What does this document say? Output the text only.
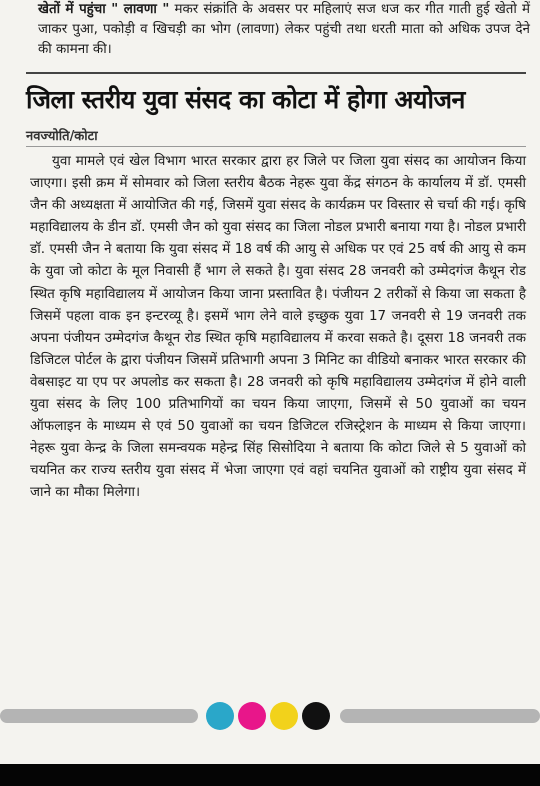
खेतों में पहुंचा " लावणा " मकर संक्रांति के अवसर पर महिलाएं सज धज कर गीत गाती हुई खेतो में जाकर पुआ, पकोड़ी व खिचड़ी का भोग (लावणा) लेकर पहुंची तथा धरती माता को अधिक उपज देने की कामना की।
जिला स्तरीय युवा संसद का कोटा में होगा अयोजन
नवज्योति/कोटा
युवा मामले एवं खेल विभाग भारत सरकार द्वारा हर जिले पर जिला युवा संसद का आयोजन किया जाएगा। इसी क्रम में सोमवार को जिला स्तरीय बैठक नेहरू युवा केंद्र संगठन के कार्यालय में डॉ. एमसी जैन की अध्यक्षता में आयोजित की गई, जिसमें युवा संसद के कार्यक्रम पर विस्तार से चर्चा की गई। कृषि महाविद्यालय के डीन डॉ. एमसी जैन को युवा संसद का जिला नोडल प्रभारी बनाया गया है। नोडल प्रभारी डॉ. एमसी जैन ने बताया कि युवा संसद में 18 वर्ष की आयु से अधिक पर एवं 25 वर्ष की आयु से कम के युवा जो कोटा के मूल निवासी हैं भाग ले सकते है। युवा संसद 28 जनवरी को उम्मेदगंज कैथून रोड स्थित कृषि महाविद्यालय में आयोजन किया जाना प्रस्तावित है। पंजीयन 2 तरीकों से किया जा सकता है जिसमें पहला वाक इन इन्टरव्यू है। इसमें भाग लेने वाले इच्छुक युवा 17 जनवरी से 19 जनवरी तक अपना पंजीयन उम्मेदगंज कैथून रोड स्थित कृषि महाविद्यालय में करवा सकते है। दूसरा 18 जनवरी तक डिजिटल पोर्टल के द्वारा पंजीयन जिसमें प्रतिभागी अपना 3 मिनिट का वीडियो बनाकर भारत सरकार की वेबसाइट या एप पर अपलोड कर सकता है। 28 जनवरी को कृषि महाविद्यालय उम्मेदगंज में होने वाली युवा संसद के लिए 100 प्रतिभागियों का चयन किया जाएगा, जिसमें से 50 युवाओं का चयन ऑफलाइन के माध्यम से एवं 50 युवाओं का चयन डिजिटल रजिस्ट्रेशन के माध्यम से किया जाएगा। नेहरू युवा केन्द्र के जिला समन्वयक महेन्द्र सिंह सिसोदिया ने बताया कि कोटा जिले से 5 युवाओं को चयनित कर राज्य स्तरीय युवा संसद में भेजा जाएगा एवं वहां चयनित युवाओं को राष्ट्रीय युवा संसद में जाने का मौका मिलेगा।
